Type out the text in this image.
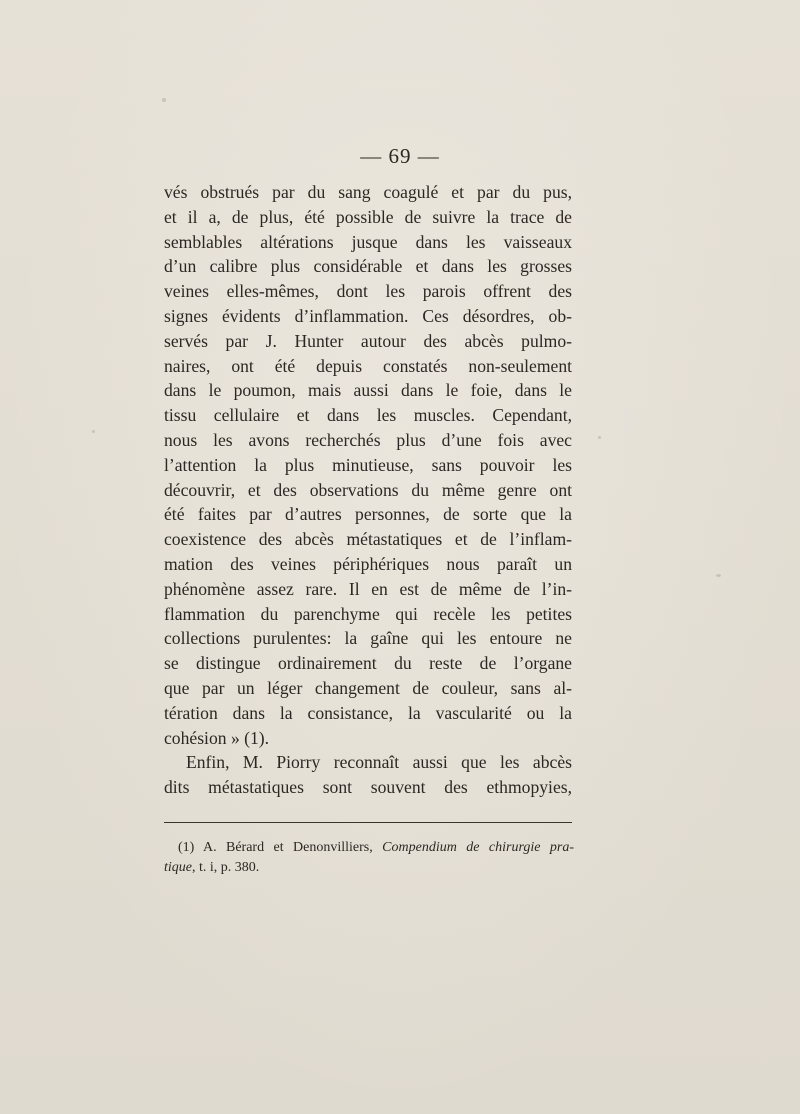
— 69 —
vés obstrués par du sang coagulé et par du pus,
et il a, de plus, été possible de suivre la trace de
semblables altérations jusque dans les vaisseaux
d’un calibre plus considérable et dans les grosses
veines elles-mêmes, dont les parois offrent des
signes évidents d’inflammation. Ces désordres, ob-
servés par J. Hunter autour des abcès pulmo-
naires, ont été depuis constatés non-seulement
dans le poumon, mais aussi dans le foie, dans le
tissu cellulaire et dans les muscles. Cependant,
nous les avons recherchés plus d’une fois avec
l’attention la plus minutieuse, sans pouvoir les
découvrir, et des observations du même genre ont
été faites par d’autres personnes, de sorte que la
coexistence des abcès métastatiques et de l’inflam-
mation des veines périphériques nous paraît un
phénomène assez rare. Il en est de même de l’in-
flammation du parenchyme qui recèle les petites
collections purulentes: la gaîne qui les entoure ne
se distingue ordinairement du reste de l’organe
que par un léger changement de couleur, sans al-
tération dans la consistance, la vascularité ou la
cohésion » (1).
Enfin, M. Piorry reconnaît aussi que les abcès
dits métastatiques sont souvent des ethmopyies,
(1) A. Bérard et Denonvilliers, Compendium de chirurgie pra-
tique, t. i, p. 380.
